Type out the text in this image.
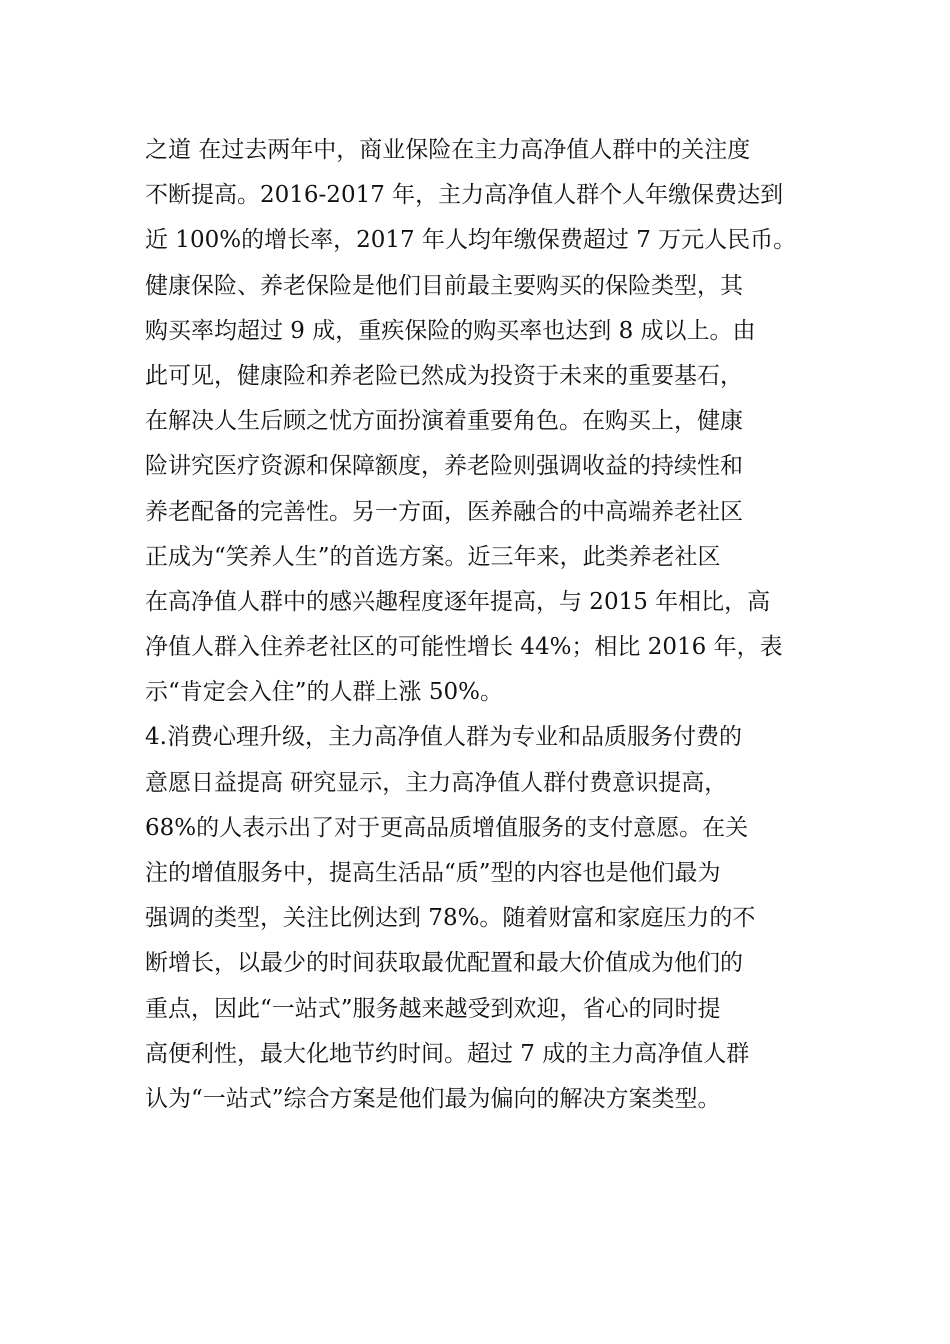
之道 在过去两年中，商业保险在主力高净值人群中的关注度
不断提高。2016-2017 年，主力高净值人群个人年缴保费达到
近 100%的增长率，2017 年人均年缴保费超过 7 万元人民币。
健康保险、养老保险是他们目前最主要购买的保险类型，其
购买率均超过 9 成，重疾保险的购买率也达到 8 成以上。由
此可见，健康险和养老险已然成为投资于未来的重要基石，
在解决人生后顾之忧方面扮演着重要角色。在购买上，健康
险讲究医疗资源和保障额度，养老险则强调收益的持续性和
养老配备的完善性。另一方面，医养融合的中高端养老社区
正成为“笑养人生”的首选方案。近三年来，此类养老社区
在高净值人群中的感兴趣程度逐年提高，与 2015 年相比，高
净值人群入住养老社区的可能性增长 44%；相比 2016 年，表
示“肯定会入住”的人群上涨 50%。
4.消费心理升级，主力高净值人群为专业和品质服务付费的
意愿日益提高 研究显示，主力高净值人群付费意识提高，
68%的人表示出了对于更高品质增值服务的支付意愿。在关
注的增值服务中，提高生活品“质”型的内容也是他们最为
强调的类型，关注比例达到 78%。随着财富和家庭压力的不
断增长，以最少的时间获取最优配置和最大价值成为他们的
重点，因此“一站式”服务越来越受到欢迎，省心的同时提
高便利性，最大化地节约时间。超过 7 成的主力高净值人群
认为“一站式”综合方案是他们最为偏向的解决方案类型。
